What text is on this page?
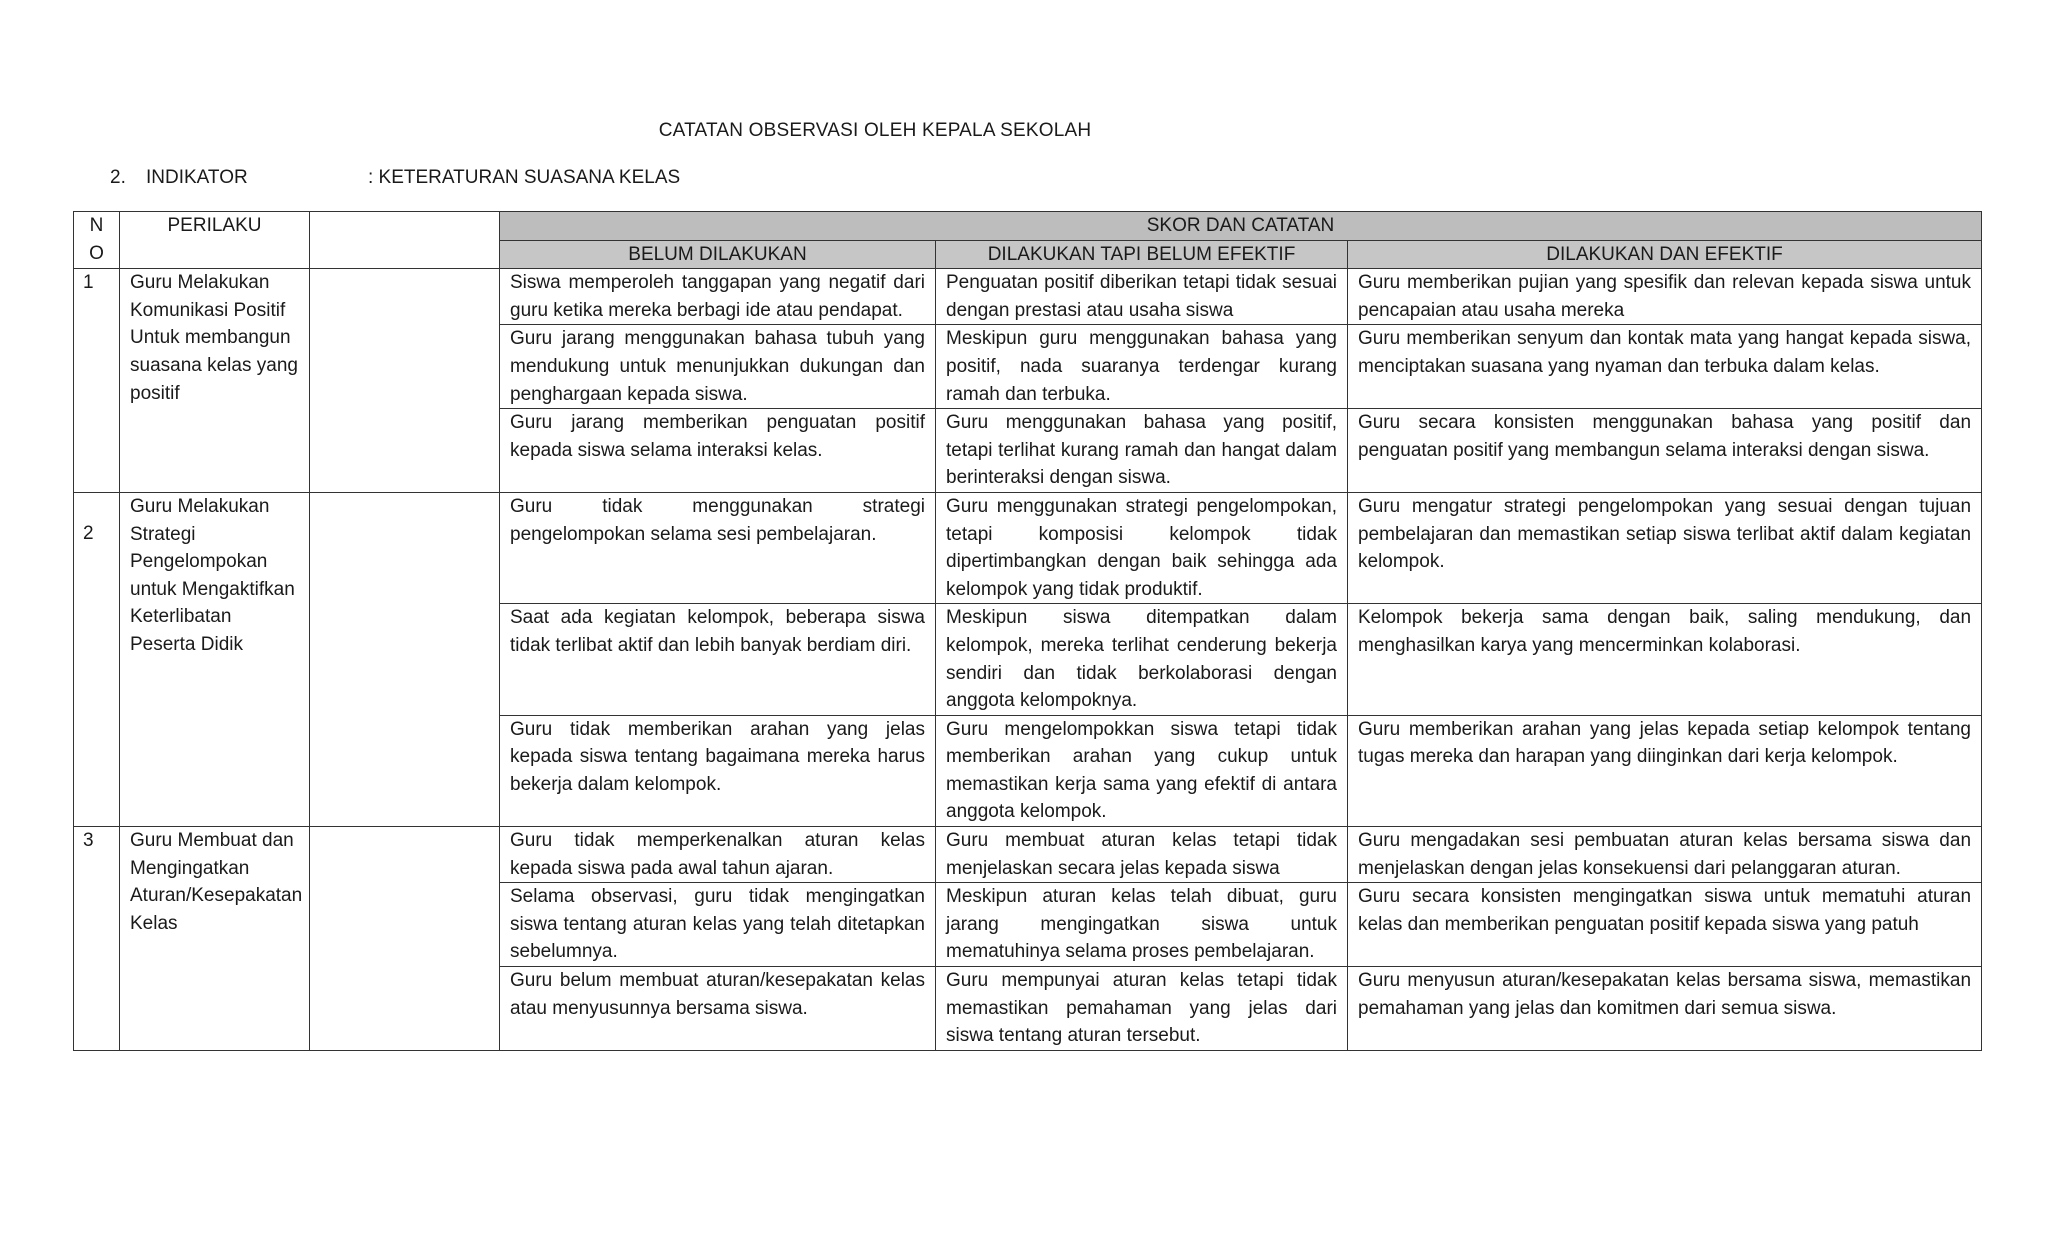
CATATAN OBSERVASI OLEH KEPALA SEKOLAH
2.	INDIKATOR	: KETERATURAN SUASANA KELAS
N
O	PERILAKU		SKOR DAN CATATAN		
			BELUM DILAKUKAN	DILAKUKAN TAPI BELUM EFEKTIF	DILAKUKAN DAN EFEKTIF
1	Guru Melakukan Komunikasi Positif Untuk membangun suasana kelas yang positif		Siswa memperoleh tanggapan yang negatif dari guru ketika mereka berbagi ide atau pendapat.	Penguatan positif diberikan tetapi tidak sesuai dengan prestasi atau usaha siswa	Guru memberikan pujian yang spesifik dan relevan kepada siswa untuk pencapaian atau usaha mereka
			Guru jarang menggunakan bahasa tubuh yang mendukung untuk menunjukkan dukungan dan penghargaan kepada siswa.	Meskipun guru menggunakan bahasa yang positif, nada suaranya terdengar kurang ramah dan terbuka.	Guru memberikan senyum dan kontak mata yang hangat kepada siswa, menciptakan suasana yang nyaman dan terbuka dalam kelas.
			Guru jarang memberikan penguatan positif kepada siswa selama interaksi kelas.	Guru menggunakan bahasa yang positif, tetapi terlihat kurang ramah dan hangat dalam berinteraksi dengan siswa.	Guru secara konsisten menggunakan bahasa yang positif dan penguatan positif yang membangun selama interaksi dengan siswa.
2	Guru Melakukan Strategi Pengelompokan untuk Mengaktifkan Keterlibatan Peserta Didik		Guru tidak menggunakan strategi pengelompokan selama sesi pembelajaran.	Guru menggunakan strategi pengelompokan, tetapi komposisi kelompok tidak dipertimbangkan dengan baik sehingga ada kelompok yang tidak produktif.	Guru mengatur strategi pengelompokan yang sesuai dengan tujuan pembelajaran dan memastikan setiap siswa terlibat aktif dalam kegiatan kelompok.
			Saat ada kegiatan kelompok, beberapa siswa tidak terlibat aktif dan lebih banyak berdiam diri.	Meskipun siswa ditempatkan dalam kelompok, mereka terlihat cenderung bekerja sendiri dan tidak berkolaborasi dengan anggota kelompoknya.	Kelompok bekerja sama dengan baik, saling mendukung, dan menghasilkan karya yang mencerminkan kolaborasi.
			Guru tidak memberikan arahan yang jelas kepada siswa tentang bagaimana mereka harus bekerja dalam kelompok.	Guru mengelompokkan siswa tetapi tidak memberikan arahan yang cukup untuk memastikan kerja sama yang efektif di antara anggota kelompok.	Guru memberikan arahan yang jelas kepada setiap kelompok tentang tugas mereka dan harapan yang diinginkan dari kerja kelompok.
3	Guru Membuat dan Mengingatkan Aturan/Kesepakatan Kelas		Guru tidak memperkenalkan aturan kelas kepada siswa pada awal tahun ajaran.	Guru membuat aturan kelas tetapi tidak menjelaskan secara jelas kepada siswa	Guru mengadakan sesi pembuatan aturan kelas bersama siswa dan menjelaskan dengan jelas konsekuensi dari pelanggaran aturan.
			Selama observasi, guru tidak mengingatkan siswa tentang aturan kelas yang telah ditetapkan sebelumnya.	Meskipun aturan kelas telah dibuat, guru jarang mengingatkan siswa untuk mematuhinya selama proses pembelajaran.	Guru secara konsisten mengingatkan siswa untuk mematuhi aturan kelas dan memberikan penguatan positif kepada siswa yang patuh
			Guru belum membuat aturan/kesepakatan kelas atau menyusunnya bersama siswa.	Guru mempunyai aturan kelas tetapi tidak memastikan pemahaman yang jelas dari siswa tentang aturan tersebut.	Guru menyusun aturan/kesepakatan kelas bersama siswa, memastikan pemahaman yang jelas dan komitmen dari semua siswa.
